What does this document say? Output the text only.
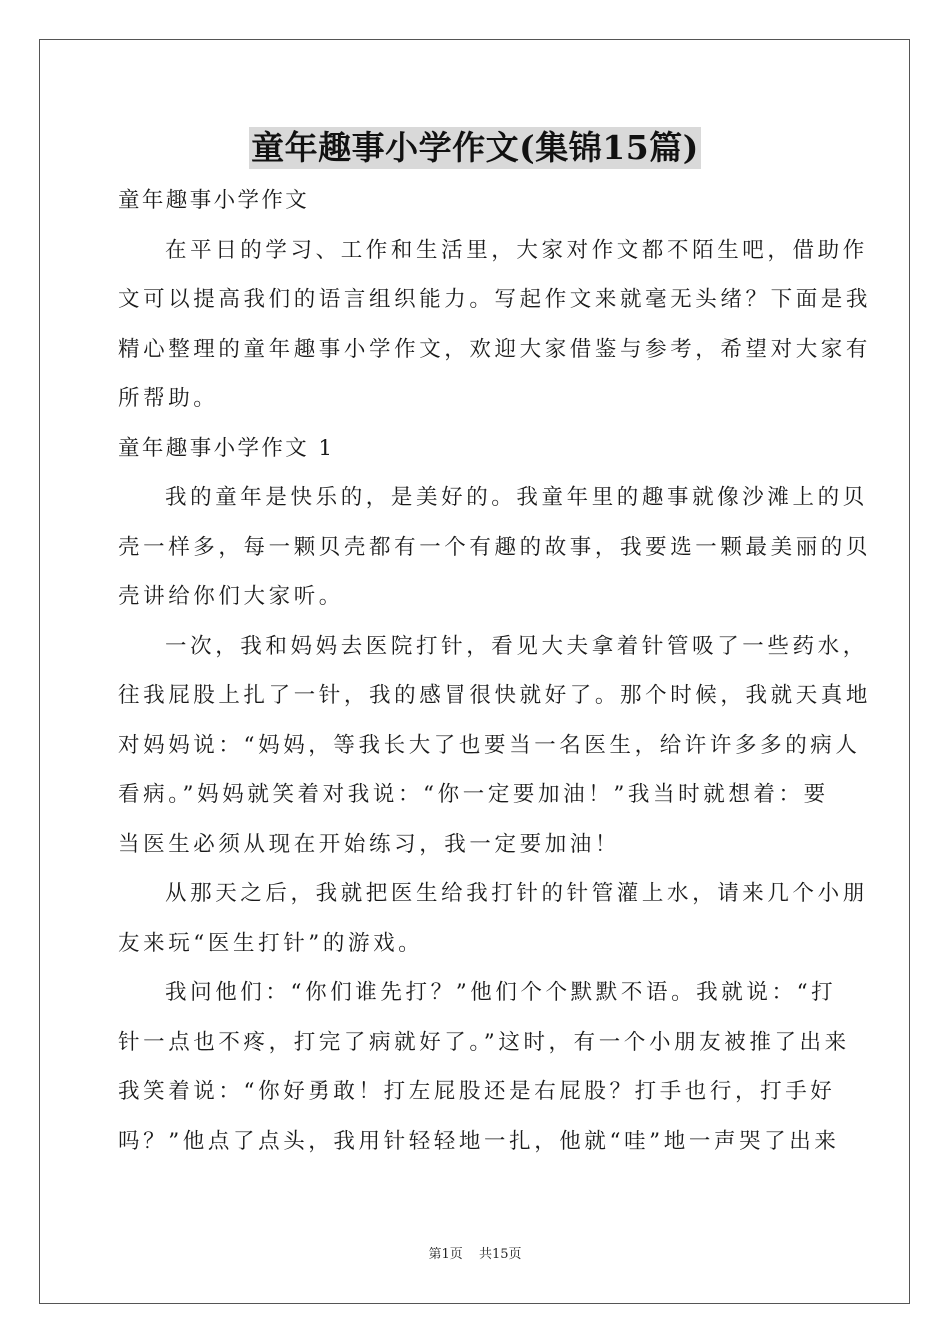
童年趣事小学作文(集锦15篇)
童年趣事小学作文
在平日的学习、工作和生活里，大家对作文都不陌生吧，借助作
文可以提高我们的语言组织能力。写起作文来就毫无头绪？下面是我
精心整理的童年趣事小学作文，欢迎大家借鉴与参考，希望对大家有
所帮助。
童年趣事小学作文 1
我的童年是快乐的，是美好的。我童年里的趣事就像沙滩上的贝
壳一样多，每一颗贝壳都有一个有趣的故事，我要选一颗最美丽的贝
壳讲给你们大家听。
一次，我和妈妈去医院打针，看见大夫拿着针管吸了一些药水，
往我屁股上扎了一针，我的感冒很快就好了。那个时候，我就天真地
对妈妈说：“妈妈，等我长大了也要当一名医生，给许许多多的病人
看病。”妈妈就笑着对我说：“你一定要加油！”我当时就想着：要
当医生必须从现在开始练习，我一定要加油！
从那天之后，我就把医生给我打针的针管灌上水，请来几个小朋
友来玩“医生打针”的游戏。
我问他们：“你们谁先打？”他们个个默默不语。我就说：“打
针一点也不疼，打完了病就好了。”这时，有一个小朋友被推了出来
我笑着说：“你好勇敢！打左屁股还是右屁股？打手也行，打手好
吗？”他点了点头，我用针轻轻地一扎，他就“哇”地一声哭了出来
第1页 共15页
